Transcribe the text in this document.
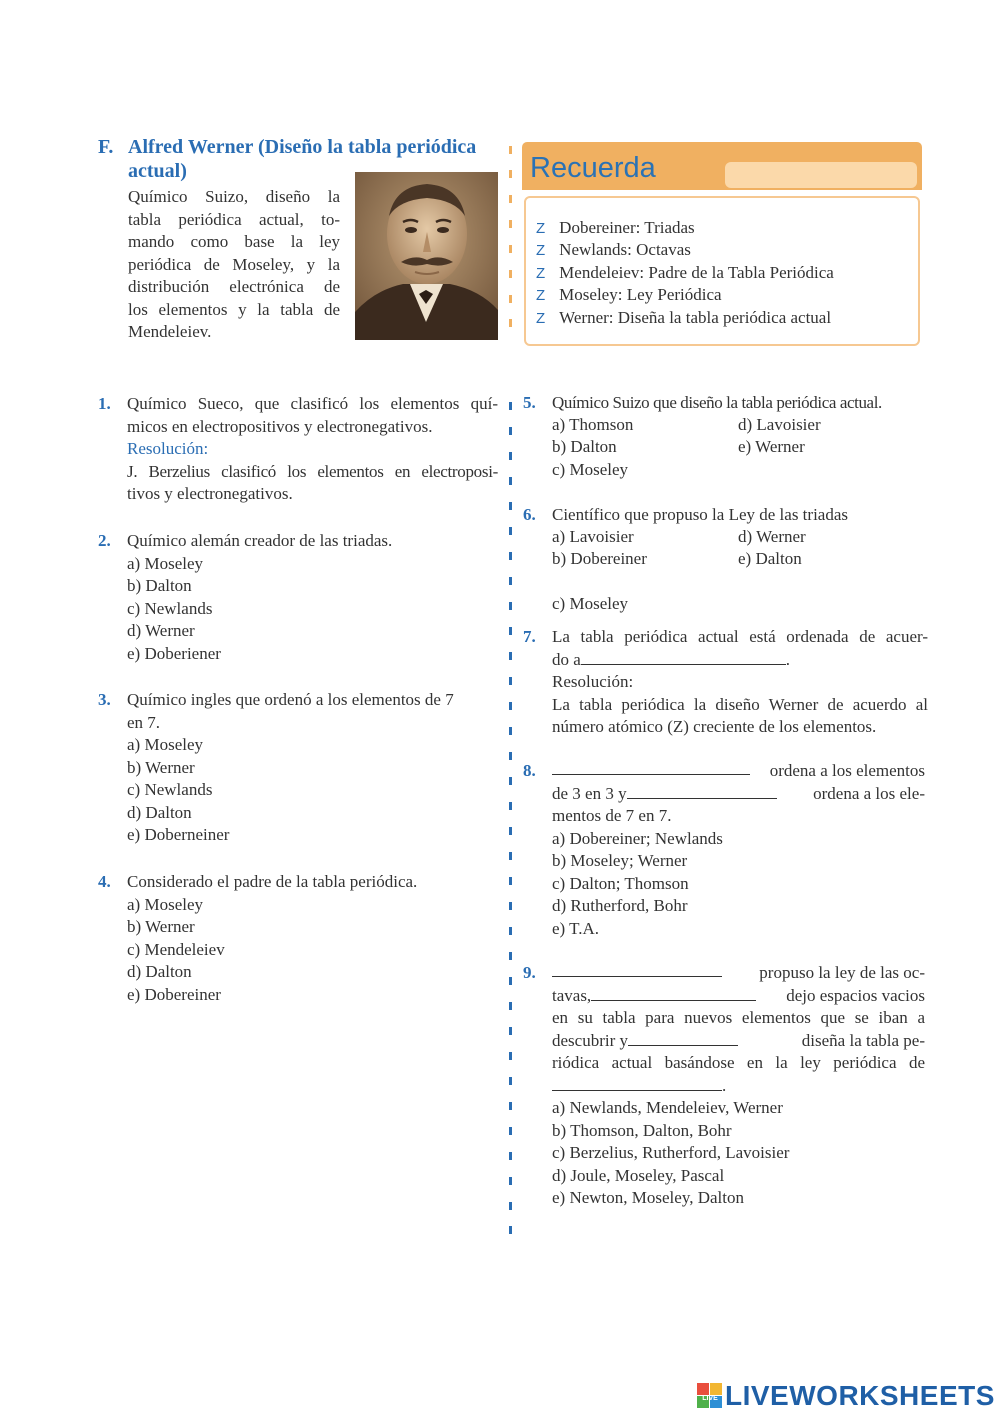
F. Alfred Werner (Diseño la tabla periódica
actual)
Químico Suizo, diseño la
tabla periódica actual, to-
mando como base la ley
periódica de Moseley, y la
distribución electrónica de
los elementos y la tabla de
Mendeleiev.
Recuerda
Z Dobereiner: Triadas
Z Newlands: Octavas
Z Mendeleiev: Padre de la Tabla Periódica
Z Moseley: Ley Periódica
Z Werner: Diseña la tabla periódica actual
1. Químico Sueco, que clasificó los elementos quí-
micos en electropositivos y electronegativos.
Resolución:
J. Berzelius clasificó los elementos en electroposi-
tivos y electronegativos.
2. Químico alemán creador de las triadas.
a) Moseley
b) Dalton
c) Newlands
d) Werner
e) Doberiener
3. Químico ingles que ordenó a los elementos de 7
en 7.
a) Moseley
b) Werner
c) Newlands
d) Dalton
e) Doberneiner
4. Considerado el padre de la tabla periódica.
a) Moseley
b) Werner
c) Mendeleiev
d) Dalton
e) Dobereiner
5. Químico Suizo que diseño la tabla periódica actual.
a) Thomson	d) Lavoisier
b) Dalton	e) Werner
c) Moseley
6. Científico que propuso la Ley de las triadas
a) Lavoisier	d) Werner
b) Dobereiner	e) Dalton
c) Moseley
7. La tabla periódica actual está ordenada de acuer-
do a	.
Resolución:
La tabla periódica la diseño Werner de acuerdo al
número atómico (Z) creciente de los elementos.
8.	ordena a los elementos
de 3 en 3 y	ordena a los ele-
mentos de 7 en 7.
a) Dobereiner; Newlands
b) Moseley; Werner
c) Dalton; Thomson
d) Rutherford, Bohr
e) T.A.
9.	propuso la ley de las oc-
tavas,	dejo espacios vacios
en su tabla para nuevos elementos que se iban a
descubrir y	diseña la tabla pe-
riódica actual basándose en la ley periódica de
.
a) Newlands, Mendeleiev, Werner
b) Thomson, Dalton, Bohr
c) Berzelius, Rutherford, Lavoisier
d) Joule, Moseley, Pascal
e) Newton, Moseley, Dalton
LIVE LIVEWORKSHEETS
